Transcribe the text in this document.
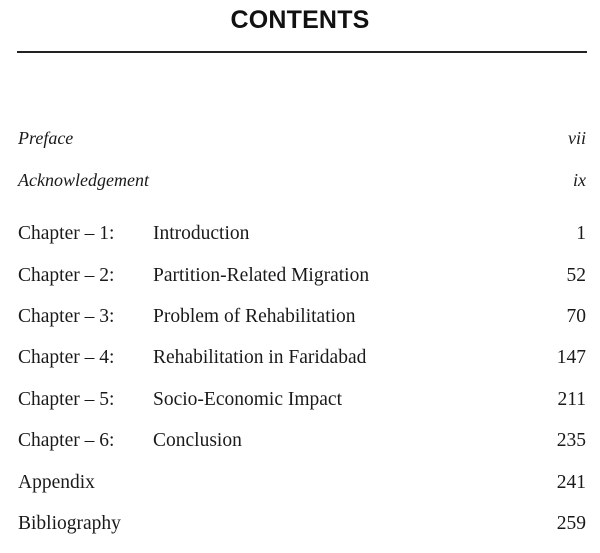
CONTENTS
Preface	vii
Acknowledgement	ix
Chapter – 1: Introduction	1
Chapter – 2: Partition-Related Migration	52
Chapter – 3: Problem of Rehabilitation	70
Chapter – 4: Rehabilitation in Faridabad	147
Chapter – 5: Socio-Economic Impact	211
Chapter – 6: Conclusion	235
Appendix	241
Bibliography	259
